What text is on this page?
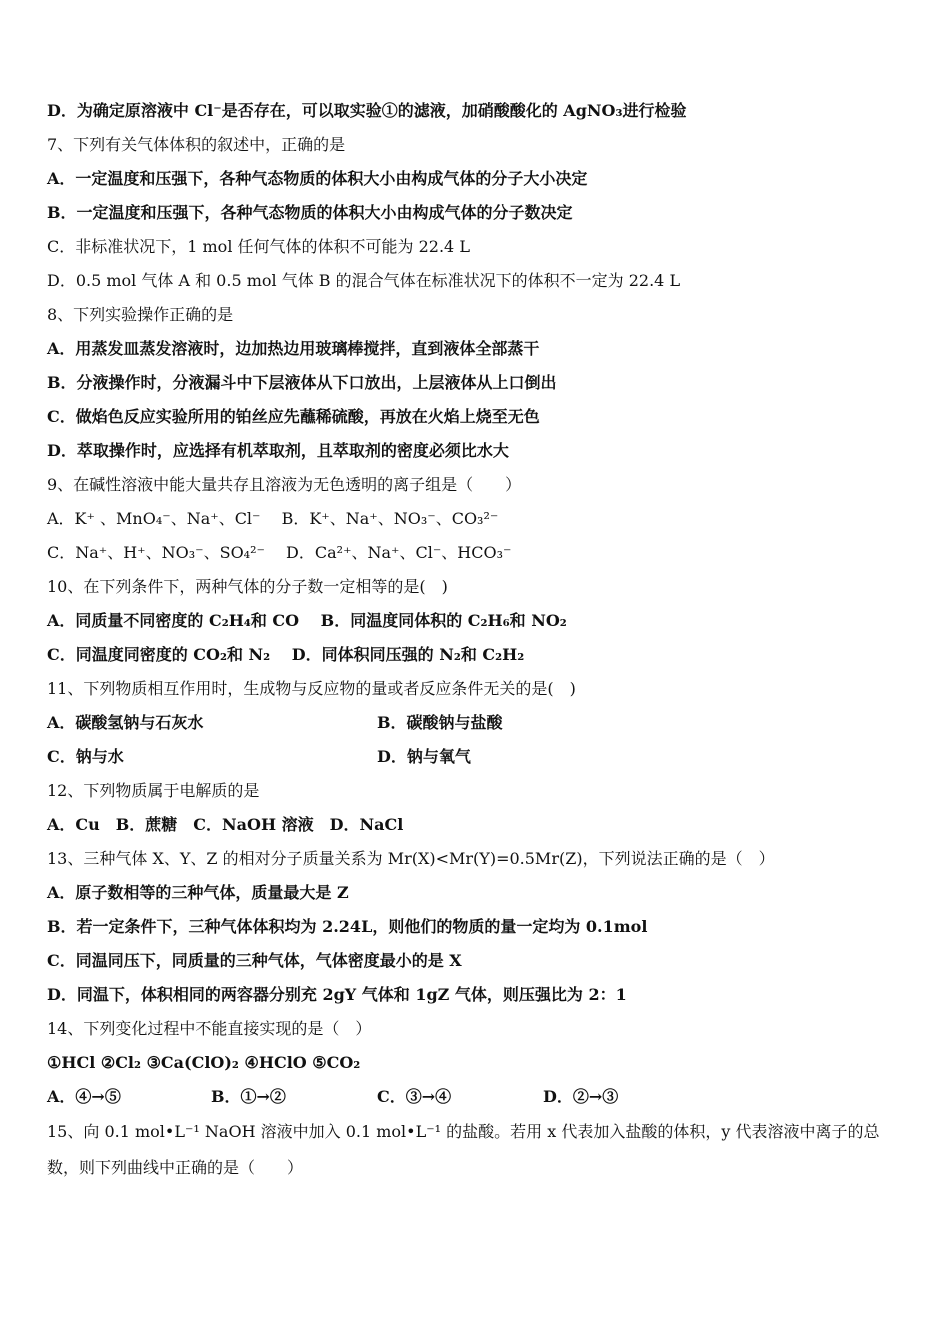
D．为确定原溶液中 Cl⁻是否存在，可以取实验①的滤液，加硝酸酸化的 AgNO₃进行检验
7、下列有关气体体积的叙述中，正确的是
A．一定温度和压强下，各种气态物质的体积大小由构成气体的分子大小决定
B．一定温度和压强下，各种气态物质的体积大小由构成气体的分子数决定
C．非标准状况下，1 mol 任何气体的体积不可能为 22.4 L
D．0.5 mol 气体 A 和 0.5 mol 气体 B 的混合气体在标准状况下的体积不一定为 22.4 L
8、下列实验操作正确的是
A．用蒸发皿蒸发溶液时，边加热边用玻璃棒搅拌，直到液体全部蒸干
B．分液操作时，分液漏斗中下层液体从下口放出，上层液体从上口倒出
C．做焰色反应实验所用的铂丝应先蘸稀硫酸，再放在火焰上烧至无色
D．萃取操作时，应选择有机萃取剂，且萃取剂的密度必须比水大
9、在碱性溶液中能大量共存且溶液为无色透明的离子组是（　　）
A．K⁺ 、MnO₄⁻、Na⁺、Cl⁻　 B．K⁺、Na⁺、NO₃⁻、CO₃²⁻
C．Na⁺、H⁺、NO₃⁻、SO₄²⁻　 D．Ca²⁺、Na⁺、Cl⁻、HCO₃⁻
10、在下列条件下，两种气体的分子数一定相等的是(　)
A．同质量不同密度的 C₂H₄和 CO　 B．同温度同体积的 C₂H₆和 NO₂
C．同温度同密度的 CO₂和 N₂　 D．同体积同压强的 N₂和 C₂H₂
11、下列物质相互作用时，生成物与反应物的量或者反应条件无关的是(　)
A．碳酸氢钠与石灰水	B．碳酸钠与盐酸
C．钠与水	D．钠与氧气
12、下列物质属于电解质的是
A．Cu　B．蔗糖　C．NaOH 溶液　D．NaCl
13、三种气体 X、Y、Z 的相对分子质量关系为 Mr(X)<Mr(Y)=0.5Mr(Z)，下列说法正确的是（　）
A．原子数相等的三种气体，质量最大是 Z
B．若一定条件下，三种气体体积均为 2.24L，则他们的物质的量一定均为 0.1mol
C．同温同压下，同质量的三种气体，气体密度最小的是 X
D．同温下，体积相同的两容器分别充 2gY 气体和 1gZ 气体，则压强比为 2：1
14、下列变化过程中不能直接实现的是（　）
①HCl ②Cl₂ ③Ca(ClO)₂ ④HClO ⑤CO₂
A．④→⑤	B．①→②	C．③→④	D．②→③
15、向 0.1 mol•L⁻¹ NaOH 溶液中加入 0.1 mol•L⁻¹ 的盐酸。若用 x 代表加入盐酸的体积，y 代表溶液中离子的总数，则下列曲线中正确的是（　　）
